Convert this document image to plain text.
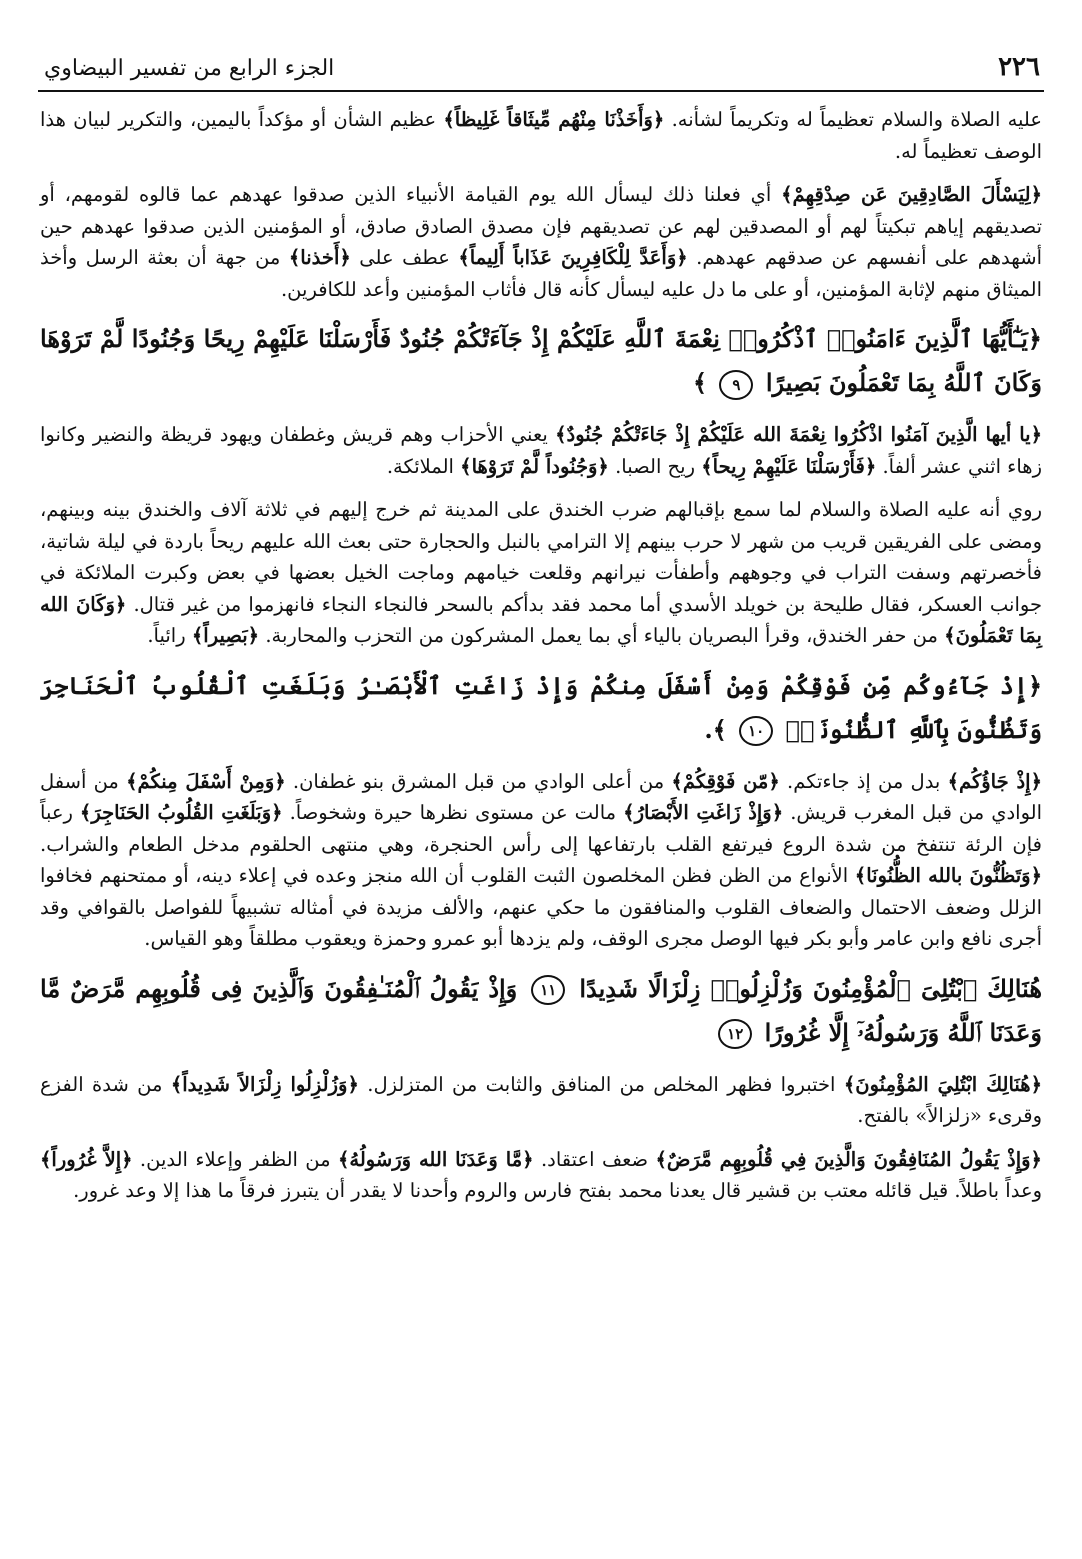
٢٢٦
الجزء الرابع من تفسير البيضاوي

عليه الصلاة والسلام تعظيماً له وتكريماً لشأنه. ﴿وَأَخَذْنَا مِنْهُم مِّيثَاقاً غَلِيظاً﴾ عظيم الشأن أو مؤكداً باليمين، والتكرير لبيان هذا الوصف تعظيماً له.

﴿لِيَسْأَلَ الصَّادِقِينَ عَن صِدْقِهِمْ﴾ أي فعلنا ذلك ليسأل الله يوم القيامة الأنبياء الذين صدقوا عهدهم عما قالوه لقومهم، أو تصديقهم إياهم تبكيتاً لهم أو المصدقين لهم عن تصديقهم فإن مصدق الصادق صادق، أو المؤمنين الذين صدقوا عهدهم حين أشهدهم على أنفسهم عن صدقهم عهدهم. ﴿وَأَعَدَّ لِلْكَافِرِينَ عَذَاباً أَلِيماً﴾ عطف على ﴿أَخذنا﴾ من جهة أن بعثة الرسل وأخذ الميثاق منهم لإثابة المؤمنين، أو على ما دل عليه ليسأل كأنه قال فأثاب المؤمنين وأعد للكافرين.

﴿يَـٰٓأَيُّهَا ٱلَّذِينَ ءَامَنُوا۟ ٱذْكُرُوا۟ نِعْمَةَ ٱللَّهِ عَلَيْكُمْ إِذْ جَآءَتْكُمْ جُنُودٌ فَأَرْسَلْنَا عَلَيْهِمْ رِيحًا وَجُنُودًا لَّمْ تَرَوْهَا وَكَانَ ٱللَّهُ بِمَا تَعْمَلُونَ بَصِيرًا ٩ ﴾

﴿يا أيها الَّذِينَ آمَنُوا اذْكُرُوا نِعْمَةَ الله عَلَيْكُمْ إِذْ جَاءَتْكُمْ جُنُودٌ﴾ يعني الأحزاب وهم قريش وغطفان ويهود قريظة والنضير وكانوا زهاء اثني عشر ألفاً. ﴿فَأَرْسَلْنَا عَلَيْهِمْ رِيحاً﴾ ريح الصبا. ﴿وَجُنُوداً لَّمْ تَرَوْهَا﴾ الملائكة.

روي أنه عليه الصلاة والسلام لما سمع بإقبالهم ضرب الخندق على المدينة ثم خرج إليهم في ثلاثة آلاف والخندق بينه وبينهم، ومضى على الفريقين قريب من شهر لا حرب بينهم إلا الترامي بالنبل والحجارة حتى بعث الله عليهم ريحاً باردة في ليلة شاتية، فأخصرتهم وسفت التراب في وجوههم وأطفأت نيرانهم وقلعت خيامهم وماجت الخيل بعضها في بعض وكبرت الملائكة في جوانب العسكر، فقال طليحة بن خويلد الأسدي أما محمد فقد بدأكم بالسحر فالنجاء النجاء فانهزموا من غير قتال. ﴿وَكَانَ الله بِمَا تَعْمَلُونَ﴾ من حفر الخندق، وقرأ البصريان بالياء أي بما يعمل المشركون من التحزب والمحاربة. ﴿بَصِيراً﴾ رائياً.

﴿إِذْ جَآءُوكُم مِّن فَوْقِكُمْ وَمِنْ أَسْفَلَ مِنكُمْ وَإِذْ زَاغَتِ ٱلْأَبْصَـٰرُ وَبَلَغَتِ ٱلْقُلُوبُ ٱلْحَنَاجِرَ وَتَظُنُّونَ بِٱللَّهِ ٱلظُّنُونَا۠ ١٠ ﴾.

﴿إِذْ جَاؤُكُم﴾ بدل من إذ جاءتكم. ﴿مّن فَوْقِكُمْ﴾ من أعلى الوادي من قبل المشرق بنو غطفان. ﴿وَمِنْ أَسْفَلَ مِنكُمْ﴾ من أسفل الوادي من قبل المغرب قريش. ﴿وَإِذْ زَاغَتِ الأَبْصَارُ﴾ مالت عن مستوى نظرها حيرة وشخوصاً. ﴿وَبَلَغَتِ القُلُوبُ الحَنَاجِرَ﴾ رعباً فإن الرئة تنتفخ من شدة الروع فيرتفع القلب بارتفاعها إلى رأس الحنجرة، وهي منتهى الحلقوم مدخل الطعام والشراب. ﴿وَتَظُنُّونَ بالله الظُّنُونَا﴾ الأنواع من الظن فظن المخلصون الثبت القلوب أن الله منجز وعده في إعلاء دينه، أو ممتحنهم فخافوا الزلل وضعف الاحتمال والضعاف القلوب والمنافقون ما حكي عنهم، والألف مزيدة في أمثاله تشبيهاً للفواصل بالقوافي وقد أجرى نافع وابن عامر وأبو بكر فيها الوصل مجرى الوقف، ولم يزدها أبو عمرو وحمزة ويعقوب مطلقاً وهو القياس.

هُنَالِكَ ٱبْتُلِىَ ٱلْمُؤْمِنُونَ وَزُلْزِلُوا۟ زِلْزَالًا شَدِيدًا ١١ وَإِذْ يَقُولُ ٱلْمُنَـٰفِقُونَ وَٱلَّذِينَ فِى قُلُوبِهِم مَّرَضٌ مَّا وَعَدَنَا ٱللَّهُ وَرَسُولُهُۥٓ إِلَّا غُرُورًا ١٢

﴿هُنَالِكَ ابْتُلِيَ المُؤْمِنُونَ﴾ اختبروا فظهر المخلص من المنافق والثابت من المتزلزل. ﴿وَزُلْزِلُوا زِلْزَالاً شَدِيداً﴾ من شدة الفزع وقرىء «زلزالاً» بالفتح.

﴿وَإِذْ يَقُولُ المُنَافِقُونَ وَالَّذِينَ فِي قُلُوبِهِم مَّرَضٌ﴾ ضعف اعتقاد. ﴿مَّا وَعَدَنَا الله وَرَسُولُهُ﴾ من الظفر وإعلاء الدين. ﴿إِلاَّ غُرُوراً﴾ وعداً باطلاً. قيل قائله معتب بن قشير قال يعدنا محمد بفتح فارس والروم وأحدنا لا يقدر أن يتبرز فرقاً ما هذا إلا وعد غرور.
